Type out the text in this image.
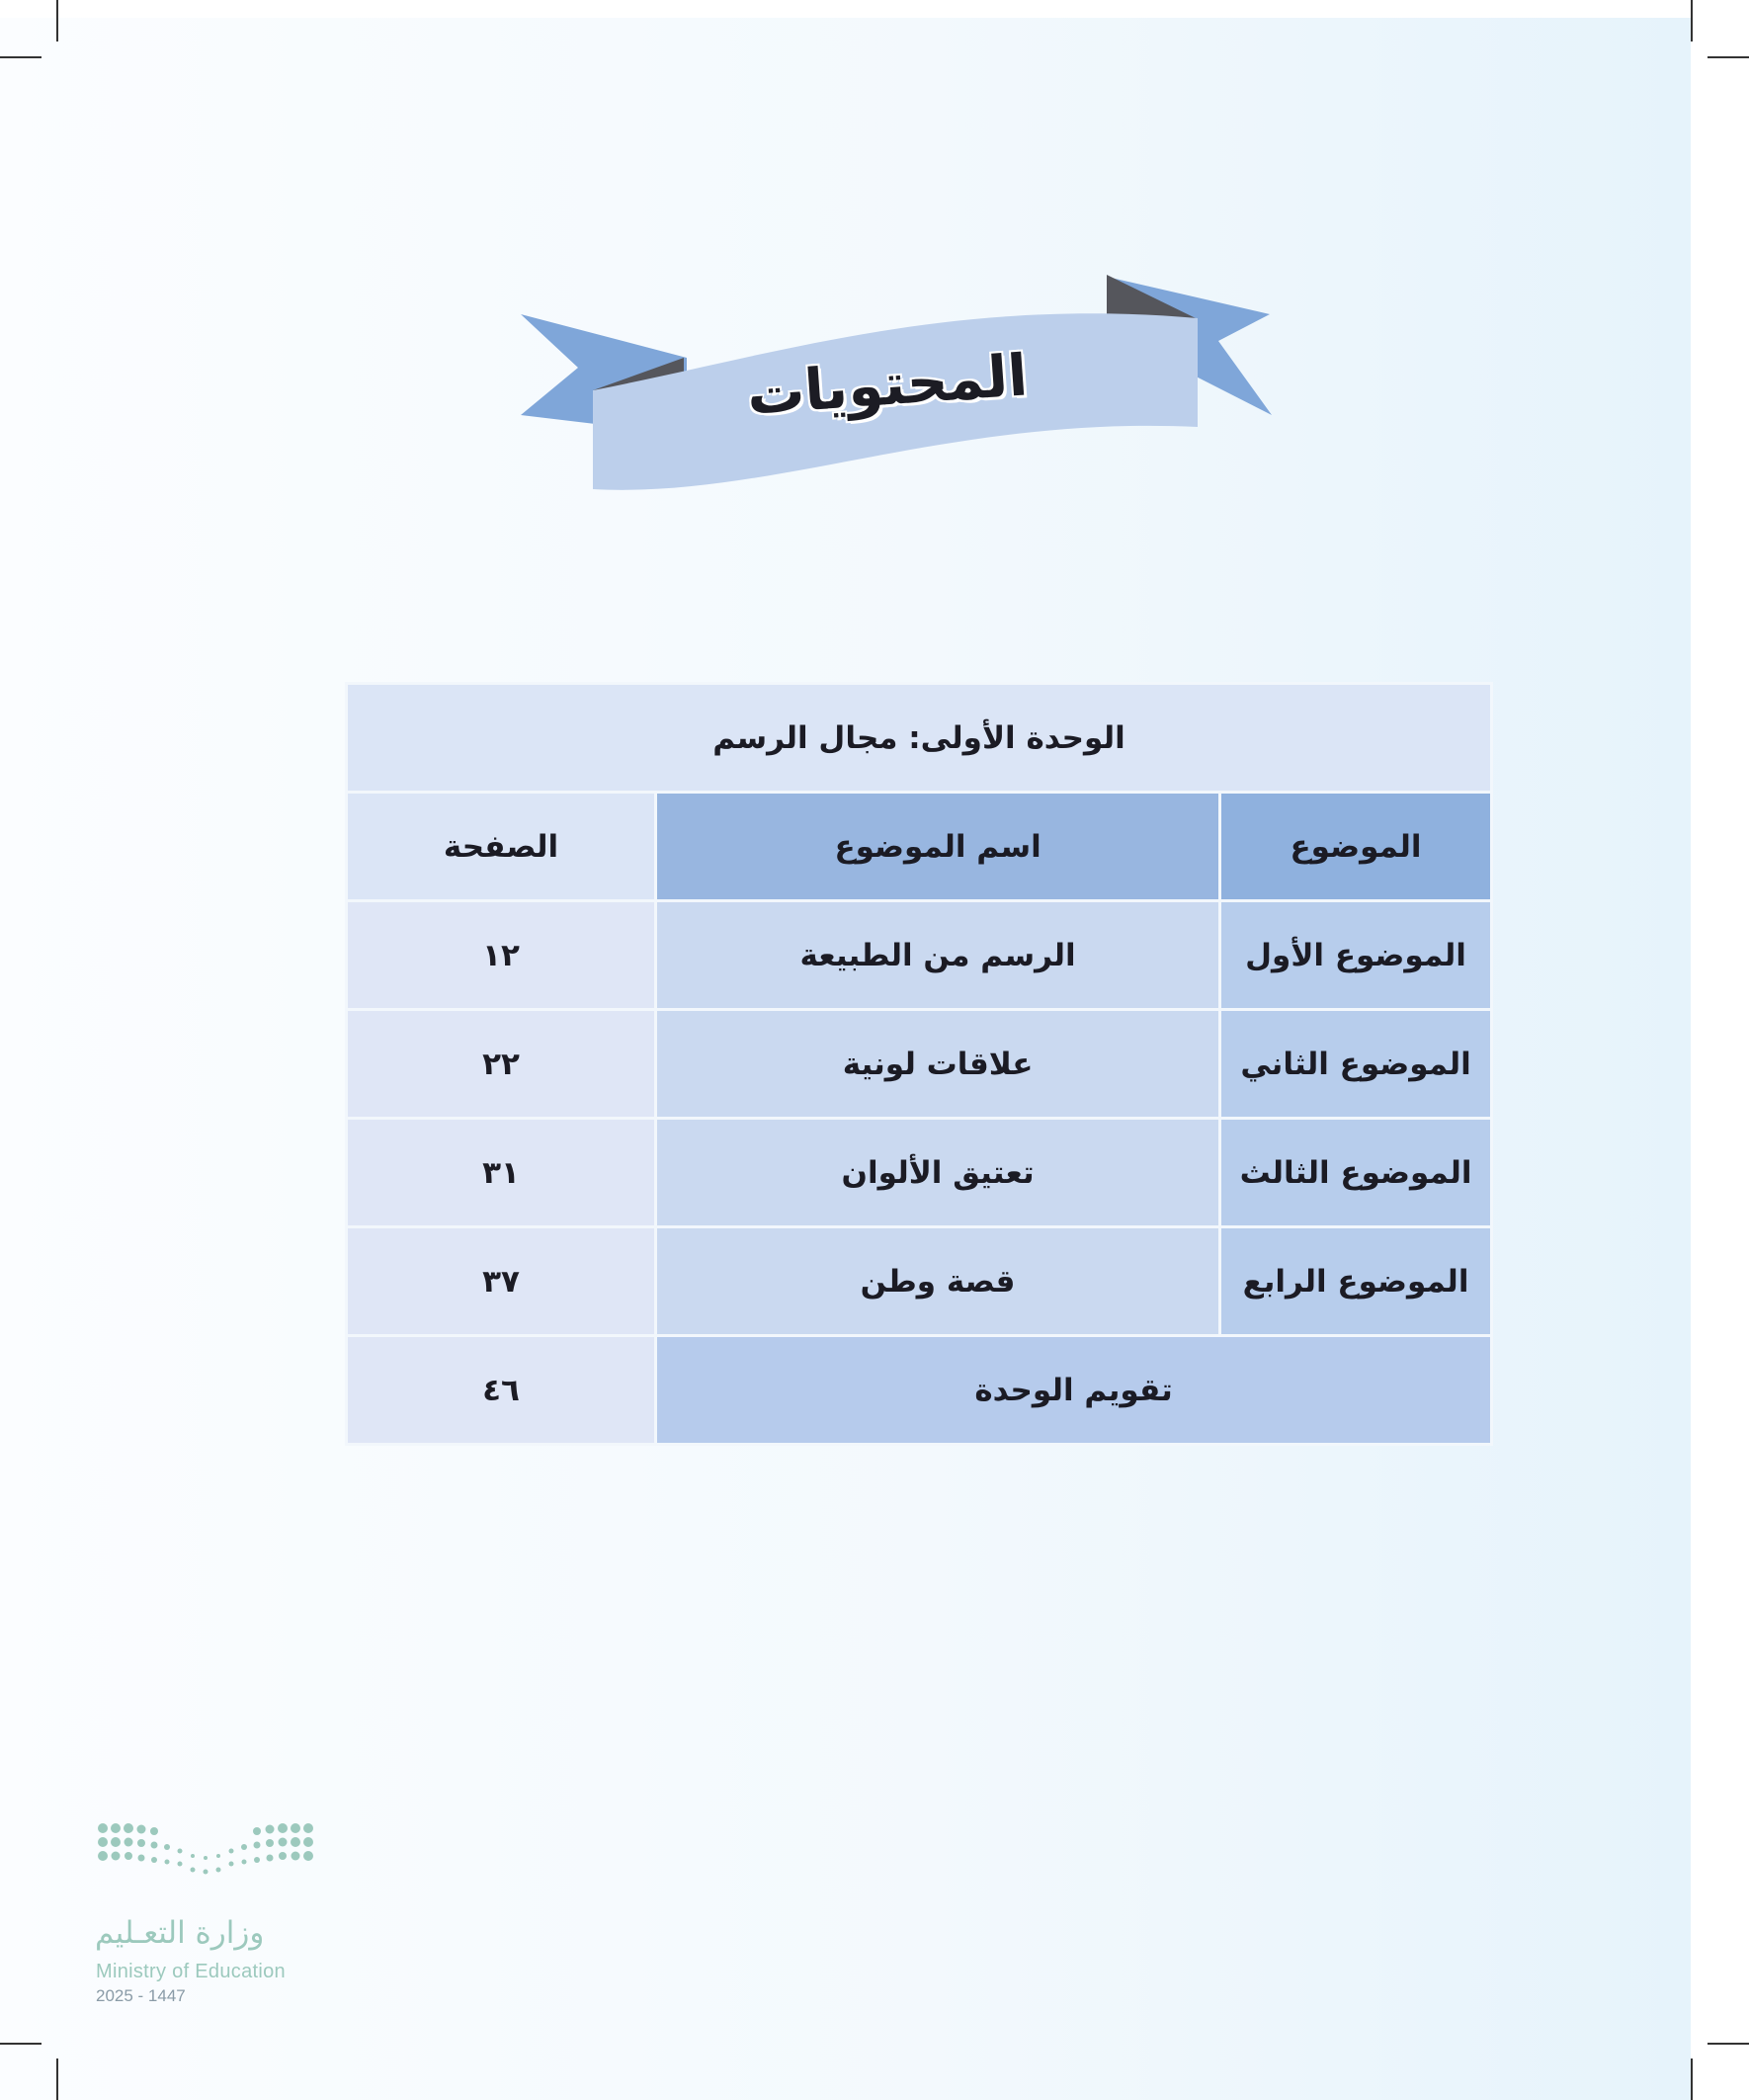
المحتويات
الوحدة الأولى: مجال الرسم		
الموضوع	اسم الموضوع	الصفحة
الموضوع الأول	الرسم من الطبيعة	١٢
الموضوع الثاني	علاقات لونية	٢٢
الموضوع الثالث	تعتيق الألوان	٣١
الموضوع الرابع	قصة وطن	٣٧
تقويم الوحدة		٤٦
وزارة التعـليم
Ministry of Education
2025 - 1447
